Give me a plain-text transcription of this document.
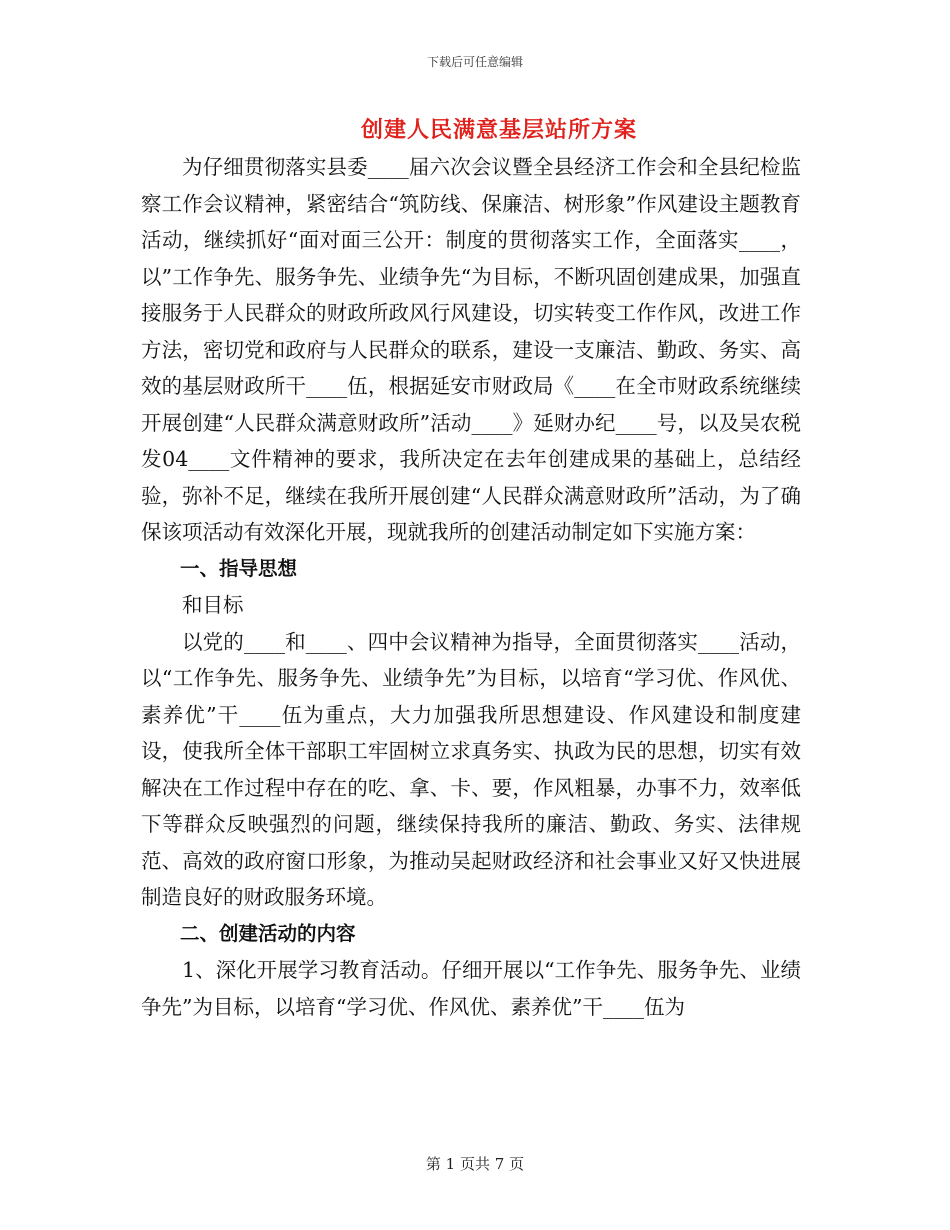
下载后可任意编辑
创建人民满意基层站所方案

为仔细贯彻落实县委____届六次会议暨全县经济工作会和全县纪检监察工作会议精神，紧密结合“筑防线、保廉洁、树形象”作风建设主题教育活动，继续抓好“面对面三公开：制度的贯彻落实工作，全面落实____，以”工作争先、服务争先、业绩争先“为目标，不断巩固创建成果，加强直接服务于人民群众的财政所政风行风建设，切实转变工作作风，改进工作方法，密切党和政府与人民群众的联系，建设一支廉洁、勤政、务实、高效的基层财政所干____伍，根据延安市财政局《____在全市财政系统继续开展创建“人民群众满意财政所”活动____》延财办纪____号，以及吴农税发04____文件精神的要求，我所决定在去年创建成果的基础上，总结经验，弥补不足，继续在我所开展创建“人民群众满意财政所”活动，为了确保该项活动有效深化开展，现就我所的创建活动制定如下实施方案：

一、指导思想

和目标

以党的____和____、四中会议精神为指导，全面贯彻落实____活动，以“工作争先、服务争先、业绩争先”为目标，以培育“学习优、作风优、素养优”干____伍为重点，大力加强我所思想建设、作风建设和制度建设，使我所全体干部职工牢固树立求真务实、执政为民的思想，切实有效解决在工作过程中存在的吃、拿、卡、要，作风粗暴，办事不力，效率低下等群众反映强烈的问题，继续保持我所的廉洁、勤政、务实、法律规范、高效的政府窗口形象，为推动吴起财政经济和社会事业又好又快进展制造良好的财政服务环境。

二、创建活动的内容

1、深化开展学习教育活动。仔细开展以“工作争先、服务争先、业绩争先”为目标，以培育“学习优、作风优、素养优”干____伍为

第 1 页共 7 页
